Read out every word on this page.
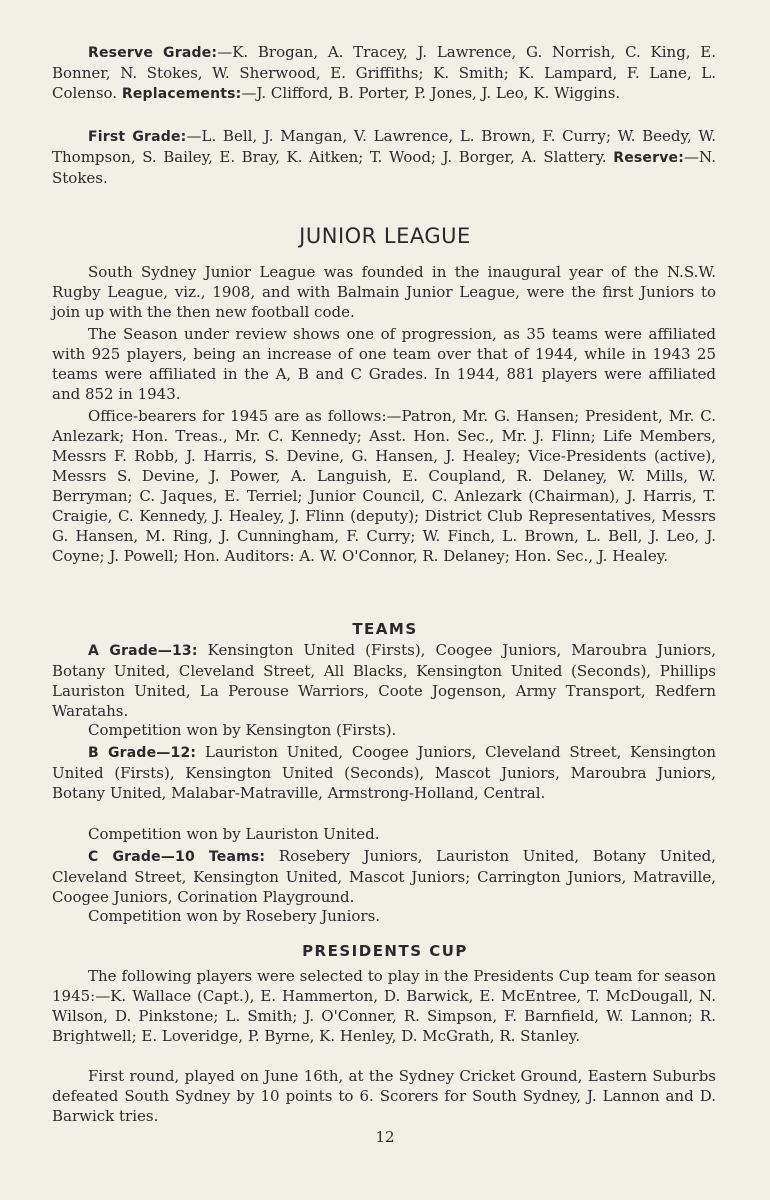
Reserve Grade:—K. Brogan, A. Tracey, J. Lawrence, G. Norrish, C. King, E. Bonner, N. Stokes, W. Sherwood, E. Griffiths; K. Smith; K. Lampard, F. Lane, L. Colenso. Replacements:—J. Clifford, B. Porter, P. Jones, J. Leo, K. Wiggins.

First Grade:—L. Bell, J. Mangan, V. Lawrence, L. Brown, F. Curry; W. Beedy, W. Thompson, S. Bailey, E. Bray, K. Aitken; T. Wood; J. Borger, A. Slattery. Reserve:—N. Stokes.

JUNIOR LEAGUE

South Sydney Junior League was founded in the inaugural year of the N.S.W. Rugby League, viz., 1908, and with Balmain Junior League, were the first Juniors to join up with the then new football code.

The Season under review shows one of progression, as 35 teams were affiliated with 925 players, being an increase of one team over that of 1944, while in 1943 25 teams were affiliated in the A, B and C Grades. In 1944, 881 players were affiliated and 852 in 1943.

Office-bearers for 1945 are as follows:—Patron, Mr. G. Hansen; President, Mr. C. Anlezark; Hon. Treas., Mr. C. Kennedy; Asst. Hon. Sec., Mr. J. Flinn; Life Members, Messrs F. Robb, J. Harris, S. Devine, G. Hansen, J. Healey; Vice-Presidents (active), Messrs S. Devine, J. Power, A. Languish, E. Coupland, R. Delaney, W. Mills, W. Berryman; C. Jaques, E. Terriel; Junior Council, C. Anlezark (Chairman), J. Harris, T. Craigie, C. Kennedy, J. Healey, J. Flinn (deputy); District Club Representatives, Messrs G. Hansen, M. Ring, J. Cunningham, F. Curry; W. Finch, L. Brown, L. Bell, J. Leo, J. Coyne; J. Powell; Hon. Auditors: A. W. O'Connor, R. Delaney; Hon. Sec., J. Healey.

TEAMS

A Grade—13: Kensington United (Firsts), Coogee Juniors, Maroubra Juniors, Botany United, Cleveland Street, All Blacks, Kensington United (Seconds), Phillips Lauriston United, La Perouse Warriors, Coote Jogenson, Army Transport, Redfern Waratahs.

Competition won by Kensington (Firsts).

B Grade—12: Lauriston United, Coogee Juniors, Cleveland Street, Kensington United (Firsts), Kensington United (Seconds), Mascot Juniors, Maroubra Juniors, Botany United, Malabar-Matraville, Armstrong-Holland, Central.

Competition won by Lauriston United.

C Grade—10 Teams: Rosebery Juniors, Lauriston United, Botany United, Cleveland Street, Kensington United, Mascot Juniors; Carrington Juniors, Matraville, Coogee Juniors, Corination Playground.

Competition won by Rosebery Juniors.

PRESIDENTS CUP

The following players were selected to play in the Presidents Cup team for season 1945:—K. Wallace (Capt.), E. Hammerton, D. Barwick, E. McEntree, T. McDougall, N. Wilson, D. Pinkstone; L. Smith; J. O'Conner, R. Simpson, F. Barnfield, W. Lannon; R. Brightwell; E. Loveridge, P. Byrne, K. Henley, D. McGrath, R. Stanley.

First round, played on June 16th, at the Sydney Cricket Ground, Eastern Suburbs defeated South Sydney by 10 points to 6. Scorers for South Sydney, J. Lannon and D. Barwick tries.

12
